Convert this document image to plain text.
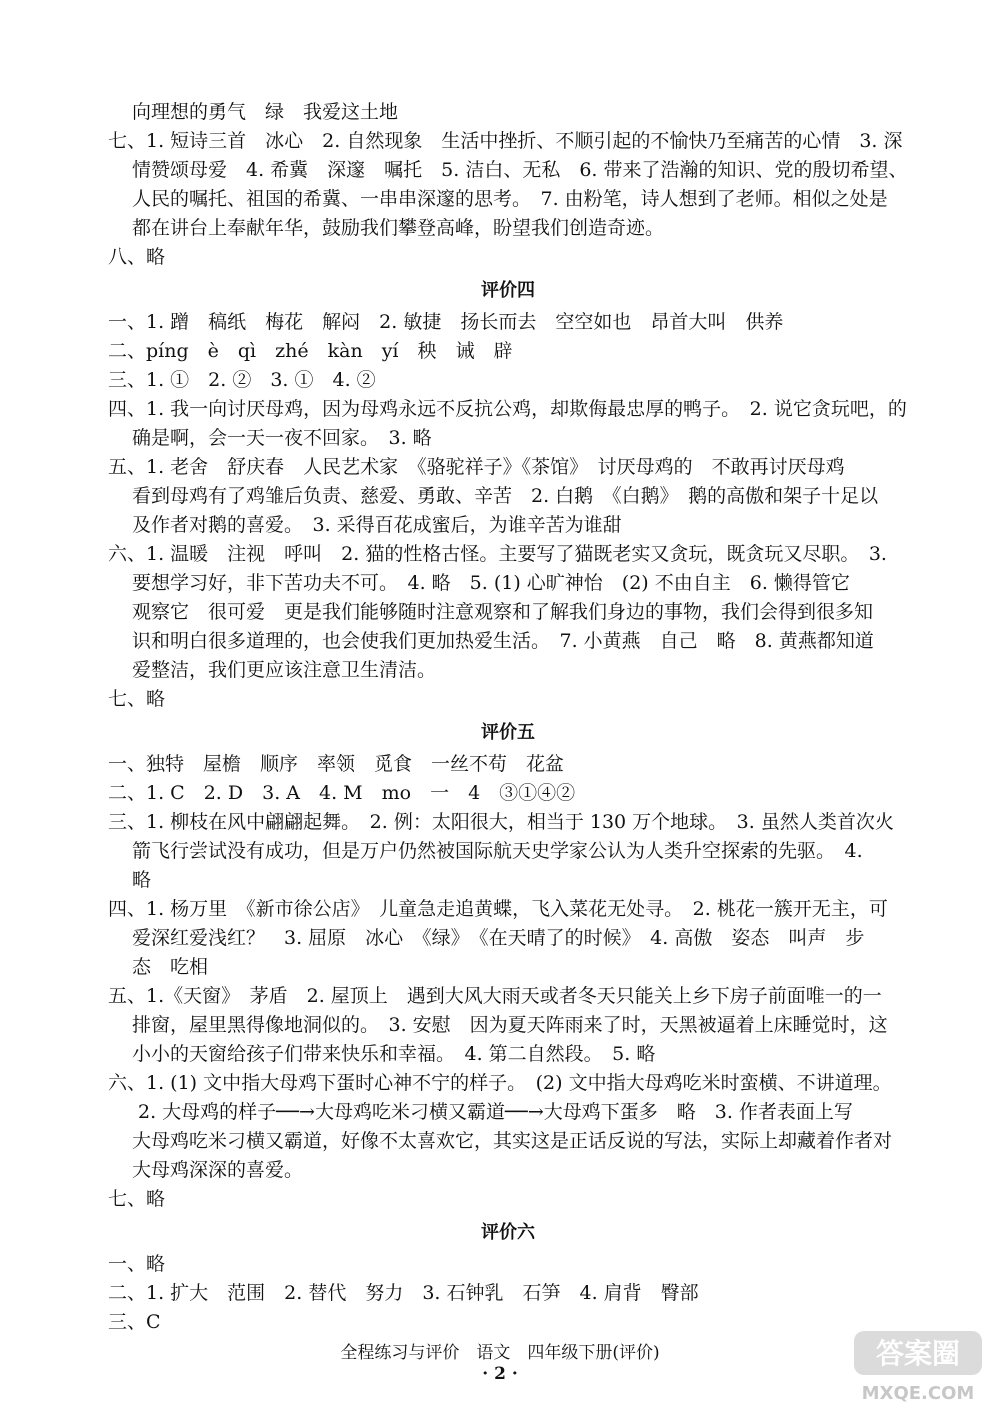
向理想的勇气　绿　我爱这土地
七、1. 短诗三首　冰心　2. 自然现象　生活中挫折、不顺引起的不愉快乃至痛苦的心情　3. 深
情赞颂母爱　4. 希冀　深邃　嘱托　5. 洁白、无私　6. 带来了浩瀚的知识、党的殷切希望、
人民的嘱托、祖国的希冀、一串串深邃的思考。　7. 由粉笔，诗人想到了老师。相似之处是
都在讲台上奉献年华，鼓励我们攀登高峰，盼望我们创造奇迹。
八、略
评价四
一、1. 蹭　稿纸　梅花　解闷　2. 敏捷　扬长而去　空空如也　昂首大叫　供养
二、píng　è　qì　zhé　kàn　yí　秧　诫　辟
三、1. ①　2. ②　3. ①　4. ②
四、1. 我一向讨厌母鸡，因为母鸡永远不反抗公鸡，却欺侮最忠厚的鸭子。　2. 说它贪玩吧，的
确是啊，会一天一夜不回家。　3. 略
五、1. 老舍　舒庆春　人民艺术家　《骆驼祥子》《茶馆》　讨厌母鸡的　不敢再讨厌母鸡
看到母鸡有了鸡雏后负责、慈爱、勇敢、辛苦　2. 白鹅　《白鹅》　鹅的高傲和架子十足以
及作者对鹅的喜爱。　3. 采得百花成蜜后，为谁辛苦为谁甜
六、1. 温暖　注视　呼叫　2. 猫的性格古怪。主要写了猫既老实又贪玩，既贪玩又尽职。　3.
要想学习好，非下苦功夫不可。　4. 略　5. (1) 心旷神怡　(2) 不由自主　6. 懒得管它
观察它　很可爱　更是我们能够随时注意观察和了解我们身边的事物，我们会得到很多知
识和明白很多道理的，也会使我们更加热爱生活。　7. 小黄燕　自己　略　8. 黄燕都知道
爱整洁，我们更应该注意卫生清洁。
七、略
评价五
一、独特　屋檐　顺序　率领　觅食　一丝不苟　花盆
二、1. C　2. D　3. A　4. M　mo　一　4　③①④②
三、1. 柳枝在风中翩翩起舞。　2. 例：太阳很大，相当于 130 万个地球。　3. 虽然人类首次火
箭飞行尝试没有成功，但是万户仍然被国际航天史学家公认为人类升空探索的先驱。　4.
略
四、1. 杨万里　《新市徐公店》　儿童急走追黄蝶，飞入菜花无处寻。　2. 桃花一簇开无主，可
爱深红爱浅红？　3. 屈原　冰心　《绿》　《在天晴了的时候》　4. 高傲　姿态　叫声　步
态　吃相
五、1.《天窗》　茅盾　2. 屋顶上　遇到大风大雨天或者冬天只能关上乡下房子前面唯一的一
排窗，屋里黑得像地洞似的。　3. 安慰　因为夏天阵雨来了时，天黑被逼着上床睡觉时，这
小小的天窗给孩子们带来快乐和幸福。　4. 第二自然段。　5. 略
六、1. (1) 文中指大母鸡下蛋时心神不宁的样子。　(2) 文中指大母鸡吃米时蛮横、不讲道理。
2. 大母鸡的样子──→大母鸡吃米刁横又霸道──→大母鸡下蛋多　略　3. 作者表面上写
大母鸡吃米刁横又霸道，好像不太喜欢它，其实这是正话反说的写法，实际上却藏着作者对
大母鸡深深的喜爱。
七、略
评价六
一、略
二、1. 扩大　范围　2. 替代　努力　3. 石钟乳　石笋　4. 肩背　臀部
三、C
全程练习与评价　语文　四年级下册(评价)
· 2 ·
答案圈
MXQE.COM
